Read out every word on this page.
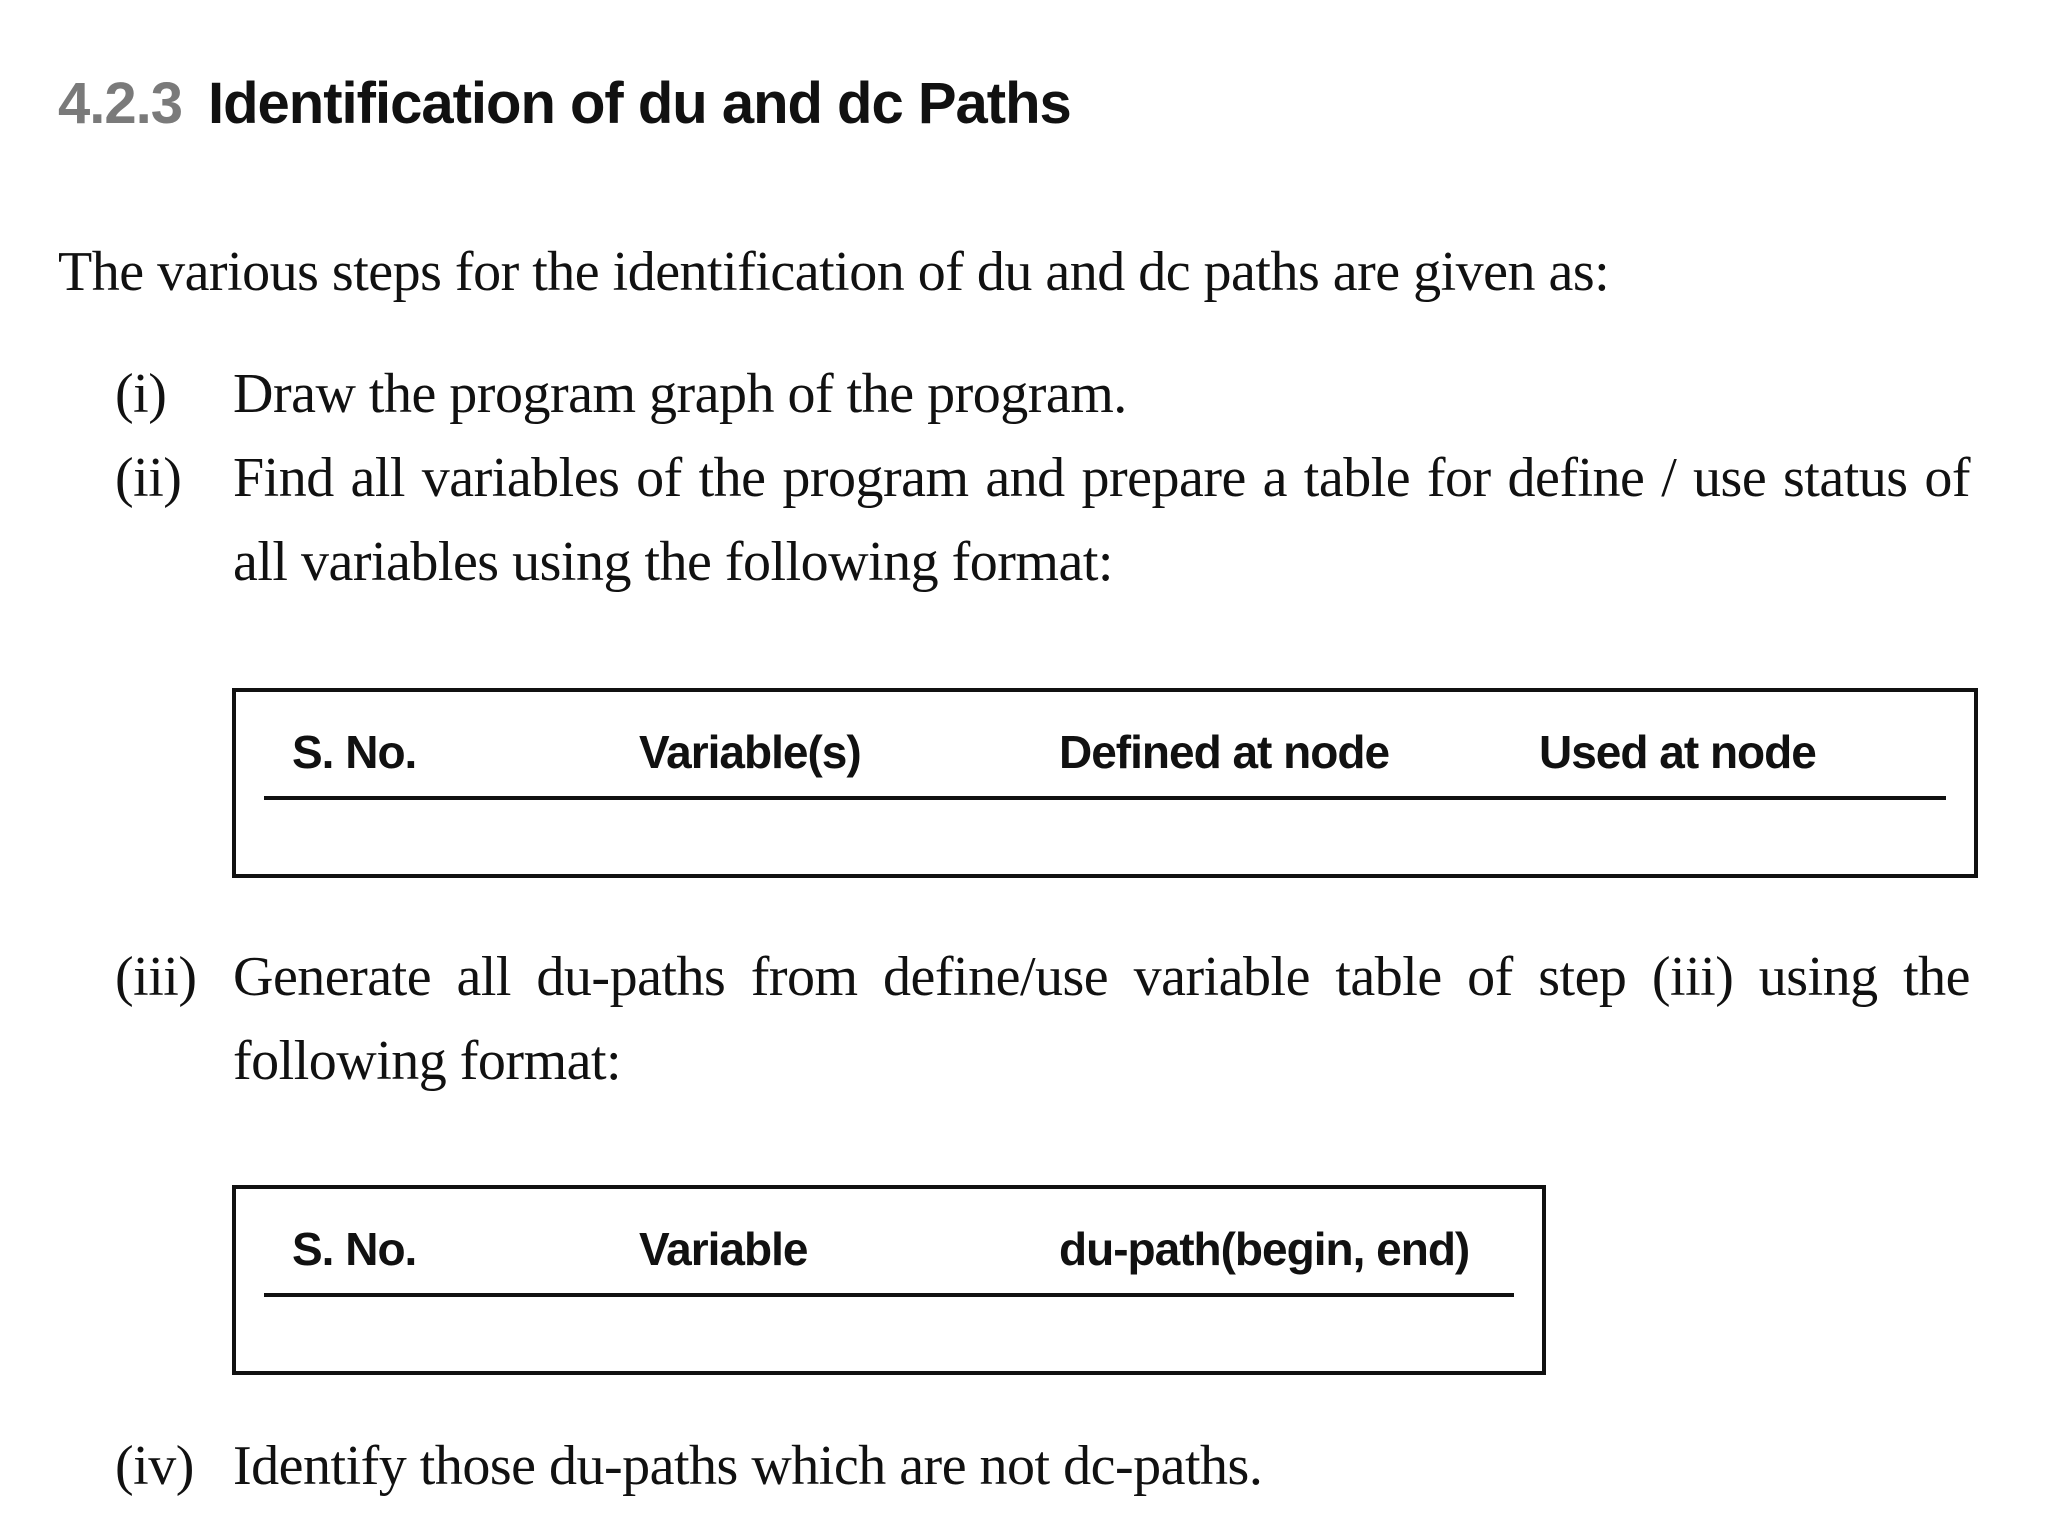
4.2.3 Identification of du and dc Paths

The various steps for the identification of du and dc paths are given as:

(i) Draw the program graph of the program.
(ii) Find all variables of the program and prepare a table for define / use status of all variables using the following format:
S. No.	Variable(s)	Defined at node	Used at node
(iii) Generate all du-paths from define/use variable table of step (iii) using the following format:
S. No.	Variable	du-path(begin, end)
(iv) Identify those du-paths which are not dc-paths.
